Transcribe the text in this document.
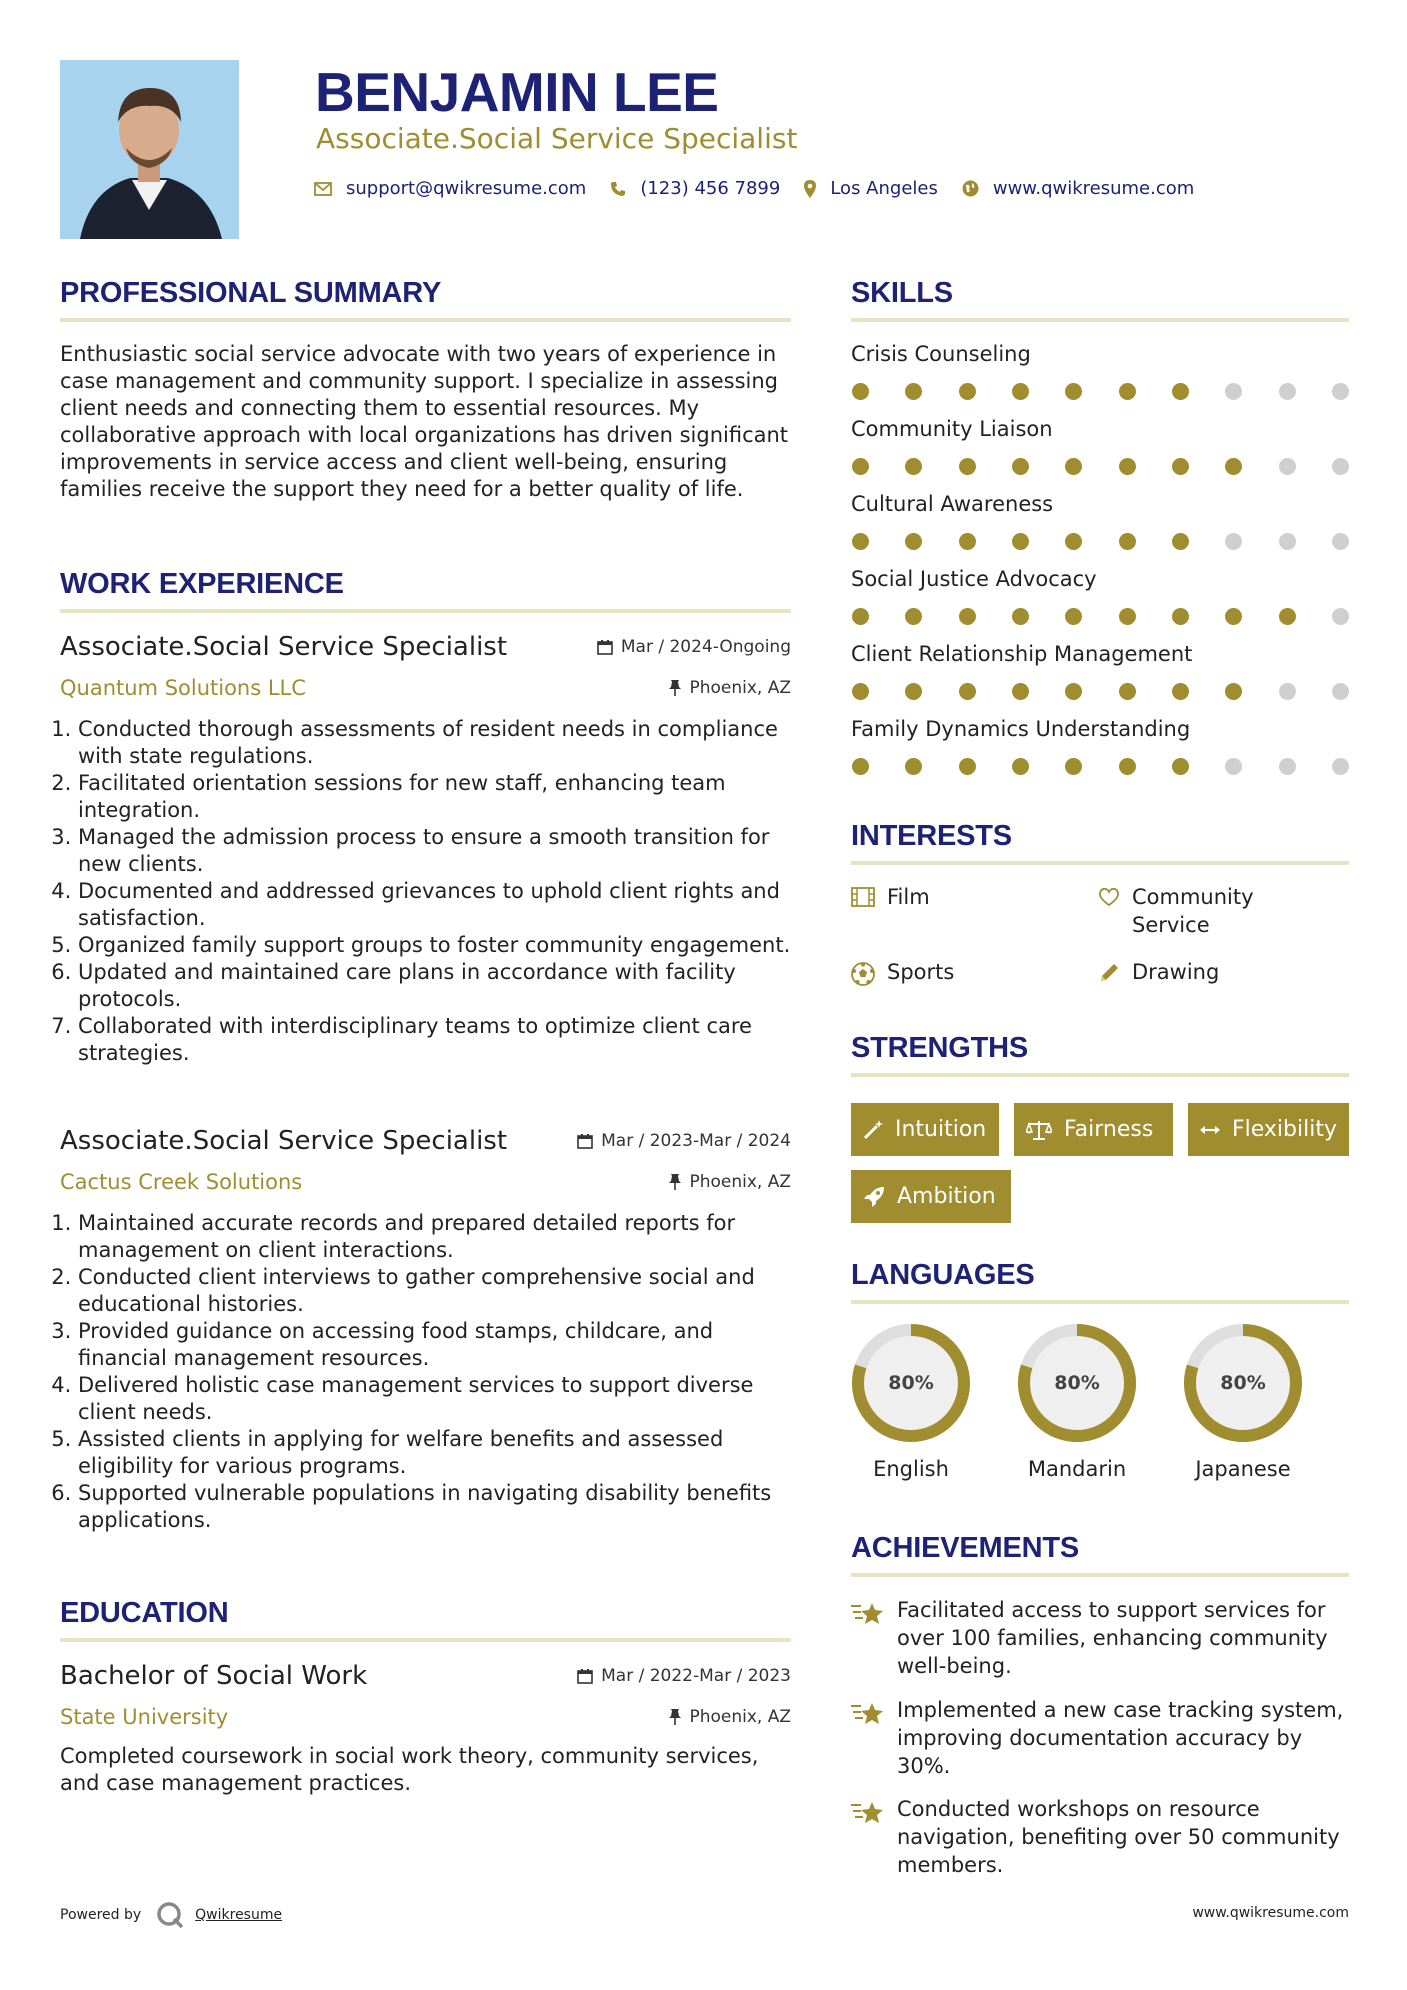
BENJAMIN LEE
Associate.Social Service Specialist
support@qwikresume.com	(123) 456 7899	Los Angeles	www.qwikresume.com
PROFESSIONAL SUMMARY
Enthusiastic social service advocate with two years of experience in case management and community support. I specialize in assessing client needs and connecting them to essential resources. My collaborative approach with local organizations has driven significant improvements in service access and client well-being, ensuring families receive the support they need for a better quality of life.
WORK EXPERIENCE
Associate.Social Service Specialist	Mar / 2024-Ongoing
Quantum Solutions LLC	Phoenix, AZ
1. Conducted thorough assessments of resident needs in compliance with state regulations.
2. Facilitated orientation sessions for new staff, enhancing team integration.
3. Managed the admission process to ensure a smooth transition for new clients.
4. Documented and addressed grievances to uphold client rights and satisfaction.
5. Organized family support groups to foster community engagement.
6. Updated and maintained care plans in accordance with facility protocols.
7. Collaborated with interdisciplinary teams to optimize client care strategies.
Associate.Social Service Specialist	Mar / 2023-Mar / 2024
Cactus Creek Solutions	Phoenix, AZ
1. Maintained accurate records and prepared detailed reports for management on client interactions.
2. Conducted client interviews to gather comprehensive social and educational histories.
3. Provided guidance on accessing food stamps, childcare, and financial management resources.
4. Delivered holistic case management services to support diverse client needs.
5. Assisted clients in applying for welfare benefits and assessed eligibility for various programs.
6. Supported vulnerable populations in navigating disability benefits applications.
EDUCATION
Bachelor of Social Work	Mar / 2022-Mar / 2023
State University	Phoenix, AZ
Completed coursework in social work theory, community services, and case management practices.
SKILLS
Crisis Counseling
Community Liaison
Cultural Awareness
Social Justice Advocacy
Client Relationship Management
Family Dynamics Understanding
INTERESTS
Film	Community Service
Sports	Drawing
STRENGTHS
Intuition	Fairness	Flexibility
Ambition
LANGUAGES
80%
English
80%
Mandarin
80%
Japanese
ACHIEVEMENTS
Facilitated access to support services for over 100 families, enhancing community well-being.
Implemented a new case tracking system, improving documentation accuracy by 30%.
Conducted workshops on resource navigation, benefiting over 50 community members.
Powered by	Qwikresume	www.qwikresume.com
